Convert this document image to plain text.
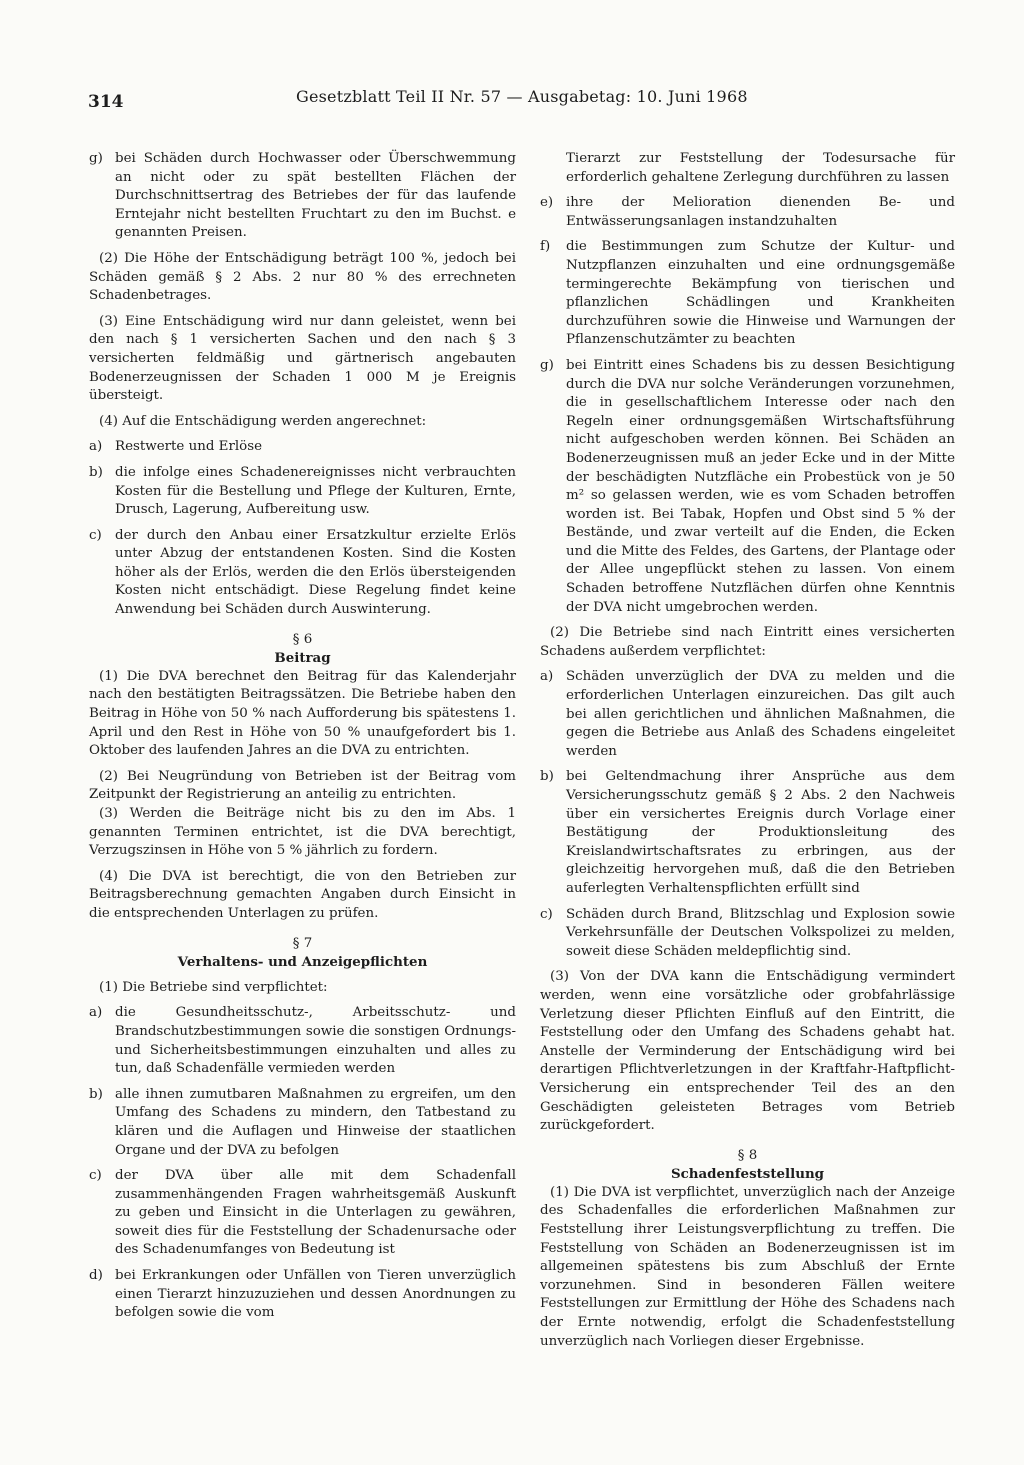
314	Gesetzblatt Teil II Nr. 57 — Ausgabetag: 10. Juni 1968
g) bei Schäden durch Hochwasser oder Überschwemmung an nicht oder zu spät bestellten Flächen der Durchschnittsertrag des Betriebes der für das laufende Erntejahr nicht bestellten Fruchtart zu den im Buchst. e genannten Preisen.

(2) Die Höhe der Entschädigung beträgt 100 %, jedoch bei Schäden gemäß § 2 Abs. 2 nur 80 % des errechneten Schadenbetrages.

(3) Eine Entschädigung wird nur dann geleistet, wenn bei den nach § 1 versicherten Sachen und den nach § 3 versicherten feldmäßig und gärtnerisch angebauten Bodenerzeugnissen der Schaden 1 000 M je Ereignis übersteigt.

(4) Auf die Entschädigung werden angerechnet:

a) Restwerte und Erlöse
b) die infolge eines Schadenereignisses nicht verbrauchten Kosten für die Bestellung und Pflege der Kulturen, Ernte, Drusch, Lagerung, Aufbereitung usw.
c) der durch den Anbau einer Ersatzkultur erzielte Erlös unter Abzug der entstandenen Kosten. Sind die Kosten höher als der Erlös, werden die den Erlös übersteigenden Kosten nicht entschädigt. Diese Regelung findet keine Anwendung bei Schäden durch Auswinterung.
§ 6
Beitrag

(1) Die DVA berechnet den Beitrag für das Kalenderjahr nach den bestätigten Beitragssätzen. Die Betriebe haben den Beitrag in Höhe von 50 % nach Aufforderung bis spätestens 1. April und den Rest in Höhe von 50 % unaufgefordert bis 1. Oktober des laufenden Jahres an die DVA zu entrichten.

(2) Bei Neugründung von Betrieben ist der Beitrag vom Zeitpunkt der Registrierung an anteilig zu entrichten.

(3) Werden die Beiträge nicht bis zu den im Abs. 1 genannten Terminen entrichtet, ist die DVA berechtigt, Verzugszinsen in Höhe von 5 % jährlich zu fordern.

(4) Die DVA ist berechtigt, die von den Betrieben zur Beitragsberechnung gemachten Angaben durch Einsicht in die entsprechenden Unterlagen zu prüfen.

§ 7
Verhaltens- und Anzeigepflichten

(1) Die Betriebe sind verpflichtet:

a) die Gesundheitsschutz-, Arbeitsschutz- und Brandschutzbestimmungen sowie die sonstigen Ordnungs- und Sicherheitsbestimmungen einzuhalten und alles zu tun, daß Schadenfälle vermieden werden
b) alle ihnen zumutbaren Maßnahmen zu ergreifen, um den Umfang des Schadens zu mindern, den Tatbestand zu klären und die Auflagen und Hinweise der staatlichen Organe und der DVA zu befolgen
c) der DVA über alle mit dem Schadenfall zusammenhängenden Fragen wahrheitsgemäß Auskunft zu geben und Einsicht in die Unterlagen zu gewähren, soweit dies für die Feststellung der Schadenursache oder des Schadenumfanges von Bedeutung ist
d) bei Erkrankungen oder Unfällen von Tieren unverzüglich einen Tierarzt hinzuzuziehen und dessen Anordnungen zu befolgen sowie die vom
Tierarzt zur Feststellung der Todesursache für erforderlich gehaltene Zerlegung durchführen zu lassen
e) ihre der Melioration dienenden Be- und Entwässerungsanlagen instandzuhalten
f)	die Bestimmungen zum Schutze der Kultur- und Nutzpflanzen einzuhalten und eine ordnungsgemäße termingerechte Bekämpfung von tierischen und pflanzlichen Schädlingen und Krankheiten durchzuführen sowie die Hinweise und Warnungen der Pflanzenschutzämter zu beachten
g) bei Eintritt eines Schadens bis zu dessen Besichtigung durch die DVA nur solche Veränderungen vorzunehmen, die in gesellschaftlichem Interesse oder nach den Regeln einer ordnungsgemäßen Wirtschaftsführung nicht aufgeschoben werden können. Bei Schäden an Bodenerzeugnissen muß an jeder Ecke und in der Mitte der beschädigten Nutzfläche ein Probestück von je 50 m² so gelassen werden, wie es vom Schaden betroffen worden ist. Bei Tabak, Hopfen und Obst sind 5 % der Bestände, und zwar verteilt auf die Enden, die Ecken und die Mitte des Feldes, des Gartens, der Plantage oder der Allee ungepflückt stehen zu lassen. Von einem Schaden betroffene Nutzflächen dürfen ohne Kenntnis der DVA nicht umgebrochen werden.

(2) Die Betriebe sind nach Eintritt eines versicherten Schadens außerdem verpflichtet:

a) Schäden unverzüglich der DVA zu melden und die erforderlichen Unterlagen einzureichen. Das gilt auch bei allen gerichtlichen und ähnlichen Maßnahmen, die gegen die Betriebe aus Anlaß des Schadens eingeleitet werden
b) bei Geltendmachung ihrer Ansprüche aus dem Versicherungsschutz gemäß § 2 Abs. 2 den Nachweis über ein versichertes Ereignis durch Vorlage einer Bestätigung der Produktionsleitung des Kreislandwirtschaftsrates zu erbringen, aus der gleichzeitig hervorgehen muß, daß die den Betrieben auferlegten Verhaltenspflichten erfüllt sind
c) Schäden durch Brand, Blitzschlag und Explosion sowie Verkehrsunfälle der Deutschen Volkspolizei zu melden, soweit diese Schäden meldepflichtig sind.

(3) Von der DVA kann die Entschädigung vermindert werden, wenn eine vorsätzliche oder grobfahrlässige Verletzung dieser Pflichten Einfluß auf den Eintritt, die Feststellung oder den Umfang des Schadens gehabt hat. Anstelle der Verminderung der Entschädigung wird bei derartigen Pflichtverletzungen in der Kraftfahr-Haftpflicht-Versicherung ein entsprechender Teil des an den Geschädigten geleisteten Betrages vom Betrieb zurückgefordert.

§ 8
Schadenfeststellung

(1) Die DVA ist verpflichtet, unverzüglich nach der Anzeige des Schadenfalles die erforderlichen Maßnahmen zur Feststellung ihrer Leistungsverpflichtung zu treffen. Die Feststellung von Schäden an Bodenerzeugnissen ist im allgemeinen spätestens bis zum Abschluß der Ernte vorzunehmen. Sind in besonderen Fällen weitere Feststellungen zur Ermittlung der Höhe des Schadens nach der Ernte notwendig, erfolgt die Schadenfeststellung unverzüglich nach Vorliegen dieser Ergebnisse.
